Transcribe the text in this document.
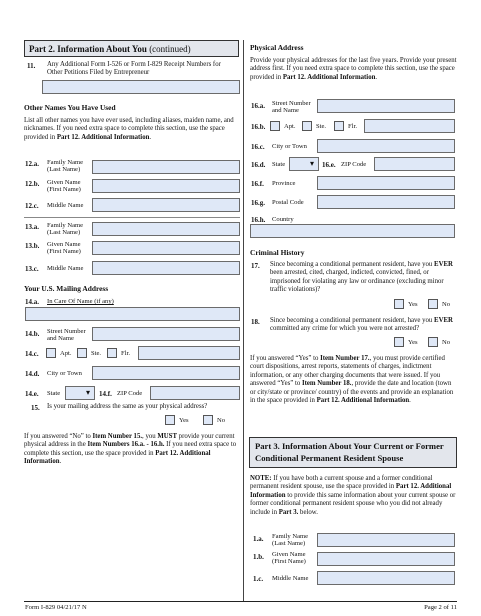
Part 2. Information About You (continued)
11. Any Additional Form I-526 or Form I-829 Receipt Numbers for Other Petitions Filed by Entrepreneur
Other Names You Have Used
List all other names you have ever used, including aliases, maiden name, and nicknames. If you need extra space to complete this section, use the space provided in Part 12. Additional Information.
12.a. Family Name
(Last Name)
12.b. Given Name
(First Name)
12.c. Middle Name
13.a. Family Name
(Last Name)
13.b. Given Name
(First Name)
13.c. Middle Name
Your U.S. Mailing Address
14.a. In Care Of Name (if any)
14.b. Street Number
and Name
14.c.	Apt.	Ste.	Flr.
14.d. City or Town
14.e. State	▾ 14.f. ZIP Code
15. Is your mailing address the same as your physical address?
Yes	No
If you answered “No” to Item Number 15., you MUST provide your current physical address in the Item Numbers 16.a. - 16.h. If you need extra space to complete this section, use the space provided in Part 12. Additional Information.
Physical Address
Provide your physical addresses for the last five years. Provide your present address first. If you need extra space to complete this section, use the space provided in Part 12. Additional Information.
16.a. Street Number
and Name
16.b.	Apt.	Ste.	Flr.
16.c. City or Town
16.d. State	▾ 16.e. ZIP Code
16.f. Province
16.g. Postal Code
16.h. Country
Criminal History
17. Since becoming a conditional permanent resident, have you EVER been arrested, cited, charged, indicted, convicted, fined, or imprisoned for violating any law or ordinance (excluding minor traffic violations)?
Yes	No
18. Since becoming a conditional permanent resident, have you EVER committed any crime for which you were not arrested?
Yes	No
If you answered “Yes” to Item Number 17., you must provide certified court dispositions, arrest reports, statements of charges, indictment information, or any other charging documents that were issued. If you answered “Yes” to Item Number 18., provide the date and location (town or city/state or province/ country) of the events and provide an explanation in the space provided in Part 12. Additional Information.
Part 3. Information About Your Current or Former Conditional Permanent Resident Spouse
NOTE: If you have both a current spouse and a former conditional permanent resident spouse, use the space provided in Part 12. Additional Information to provide this same information about your current spouse or former conditional permanent resident spouse who you did not already include in Part 3. below.
1.a. Family Name
(Last Name)
1.b. Given Name
(First Name)
1.c. Middle Name
Form I-829 04/21/17 N	Page 2 of 11
